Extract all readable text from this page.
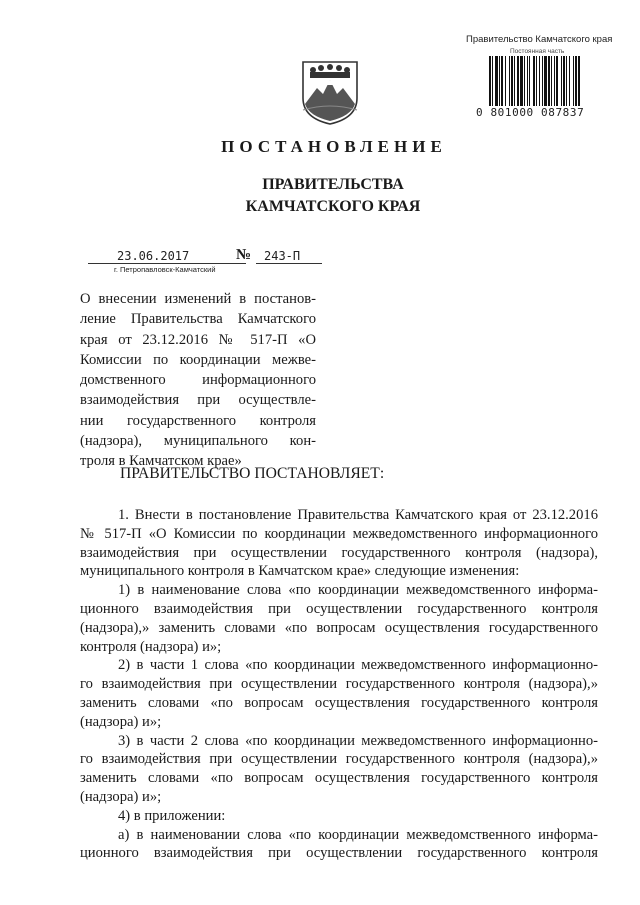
Правительство Камчатского края
Постоянная часть
0 801000 087837
ПОСТАНОВЛЕНИЕ
ПРАВИТЕЛЬСТВА
КАМЧАТСКОГО КРАЯ
23.06.2017	№ 243-П
г. Петропавловск-Камчатский
О внесении изменений в постанов-
ление Правительства Камчатского
края от 23.12.2016 № 517-П «О
Комиссии по координации межве-
домственного информационного
взаимодействия при осуществле-
нии государственного контроля
(надзора), муниципального кон-
троля в Камчатском крае»
ПРАВИТЕЛЬСТВО ПОСТАНОВЛЯЕТ:
1. Внести в постановление Правительства Камчатского края от 23.12.2016
№ 517-П «О Комиссии по координации межведомственного информационного
взаимодействия при осуществлении государственного контроля (надзора),
муниципального контроля в Камчатском крае» следующие изменения:
1) в наименование слова «по координации межведомственного информа-
ционного взаимодействия при осуществлении государственного контроля
(надзора),» заменить словами «по вопросам осуществления государственного
контроля (надзора) и»;
2) в части 1 слова «по координации межведомственного информационно-
го взаимодействия при осуществлении государственного контроля (надзора),»
заменить словами «по вопросам осуществления государственного контроля
(надзора) и»;
3) в части 2 слова «по координации межведомственного информационно-
го взаимодействия при осуществлении государственного контроля (надзора),»
заменить словами «по вопросам осуществления государственного контроля
(надзора) и»;
4) в приложении:
а) в наименовании слова «по координации межведомственного информа-
ционного взаимодействия при осуществлении государственного контроля
